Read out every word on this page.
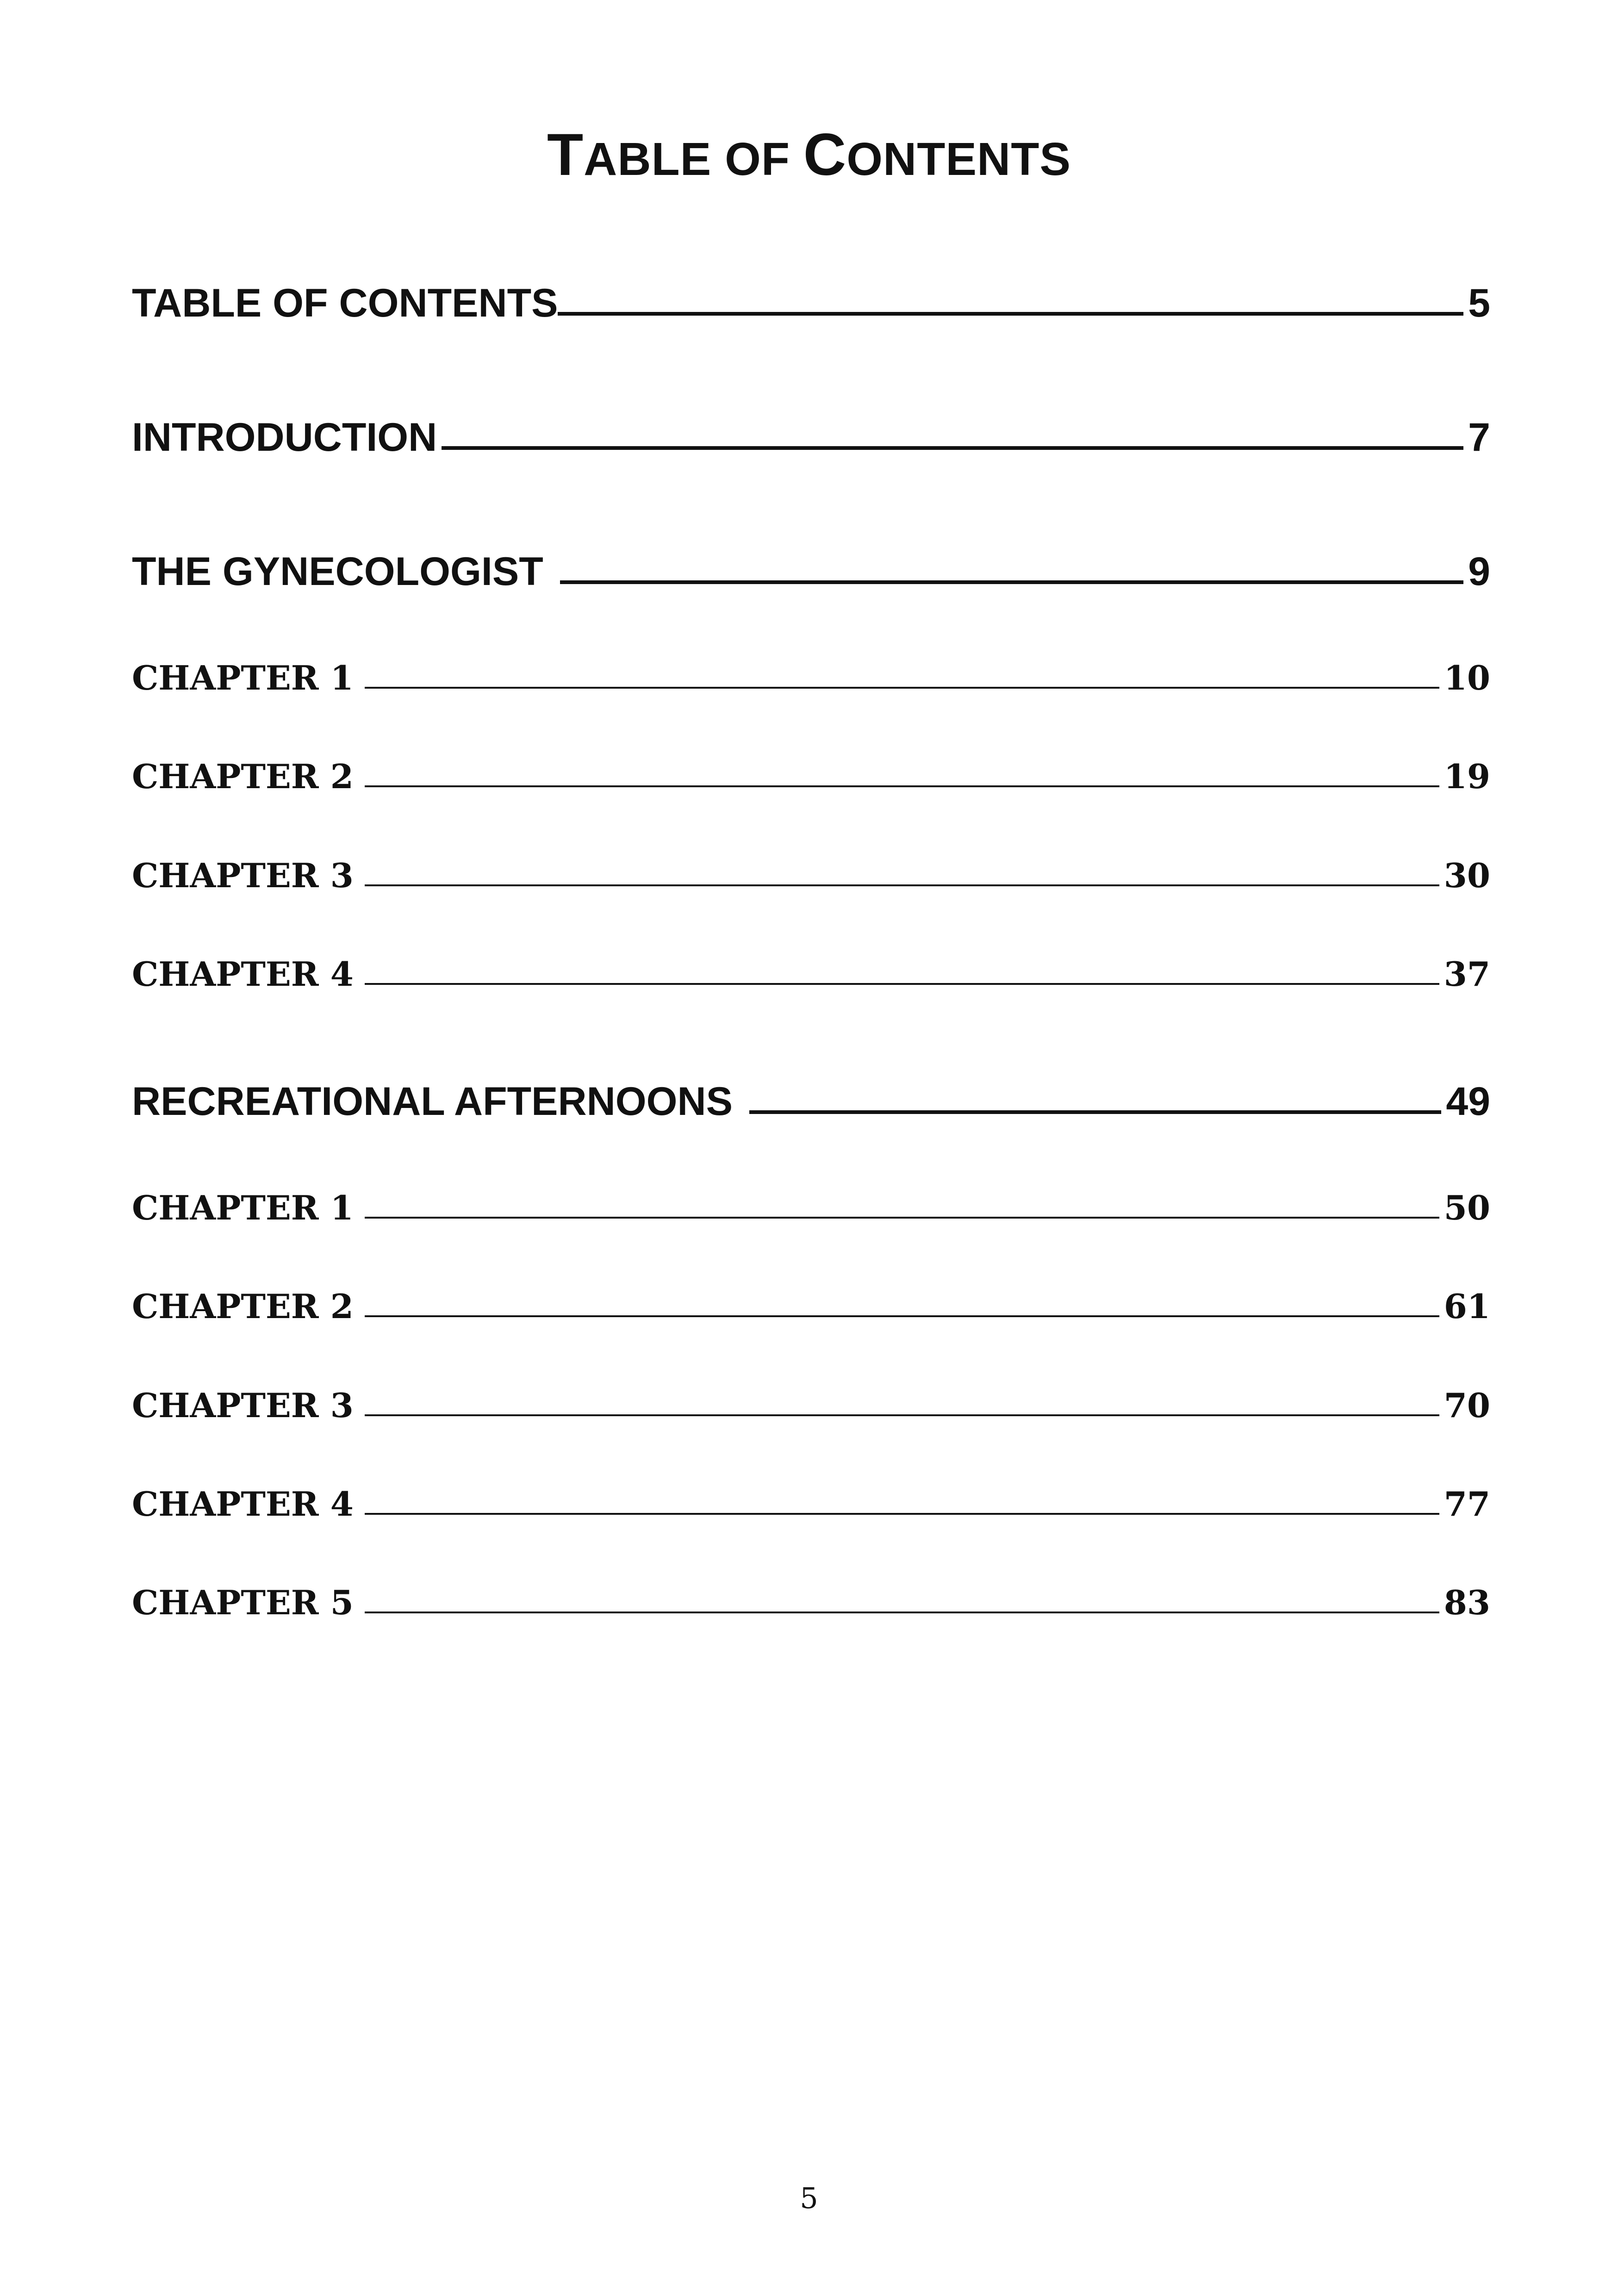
TABLE OF CONTENTS
TABLE OF CONTENTS	5
INTRODUCTION	7
THE GYNECOLOGIST	9
CHAPTER 1	10
CHAPTER 2	19
CHAPTER 3	30
CHAPTER 4	37
RECREATIONAL AFTERNOONS	49
CHAPTER 1	50
CHAPTER 2	61
CHAPTER 3	70
CHAPTER 4	77
CHAPTER 5	83
5
